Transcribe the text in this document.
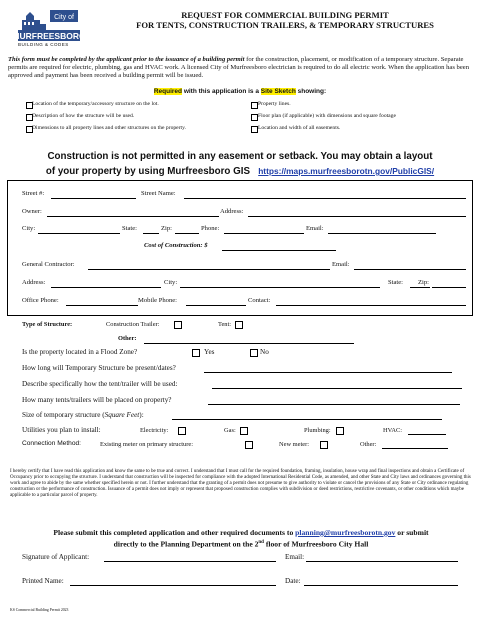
City of
MURFREESBORO
BUILDING & CODES
REQUEST FOR COMMERCIAL BUILDING PERMIT
FOR TENTS, CONSTRUCTION TRAILERS, & TEMPORARY STRUCTURES
This form must be completed by the applicant prior to the issuance of a building permit for the construction, placement, or modification of a temporary structure. Separate permits are required for electric, plumbing, gas and HVAC work. A licensed City of Murfreesboro electrician is required to do all electric work. When the application has been approved and payment has been received a building permit will be issued.
Required with this application is a Site Sketch showing:
Location of the temporary/accessory structure on the lot.
Description of how the structure will be used.
Dimensions to all property lines and other structures on the property.
Property lines.
Floor plan (if applicable) with dimensions and square footage
Location and width of all easements.
Construction is not permitted in any easement or setback. You may obtain a layout
of your property by using Murfreesboro GIS https://maps.murfreesborotn.gov/PublicGIS/
Street #:	Street Name:
Owner:	Address:
City:	State:	Zip:	Phone:	Email:
Cost of Construction: $
General Contractor:	Email:
Address:	City:	State: Zip:
Office Phone:	Mobile Phone:	Contact:
Type of Structure:	Construction Trailer:	Tent:
Other:
Is the property located in a Flood Zone?	Yes	No
How long will Temporary Structure be present/dates?
Describe specifically how the tent/trailer will be used:
How many tents/trailers will be placed on property?
Size of temporary structure (Square Feet):
Utilities you plan to install:	Electricity:	Gas:	Plumbing:	HVAC:
Connection Method:	Existing meter on primary structure:	New meter:	Other:
I hereby certify that I have read this application and know the same to be true and correct. I understand that I must call for the required foundation, framing, insulation, house wrap and final inspections and obtain a Certificate of Occupancy prior to occupying the structure. I understand that construction will be inspected for compliance with the adopted International Residential Code, as amended, and other State and City laws and ordinances governing this work and agree to abide by the same whether specified herein or not. I further understand that the granting of a permit does not presume to give authority to violate or cancel the provisions of any State or City ordinance regulating construction or the performance of construction. Issuance of a permit does not imply or represent that proposed construction complies with subdivision or deed restrictions, restrictive covenants, or other conditions which maybe applicable to a particular parcel of property.
Please submit this completed application and other required documents to planning@murfreesborotn.gov or submit
directly to the Planning Department on the 2nd floor of Murfreesboro City Hall
Signature of Applicant:	Email:
Printed Name:	Date:
KS Commercial Building Permit 2023
